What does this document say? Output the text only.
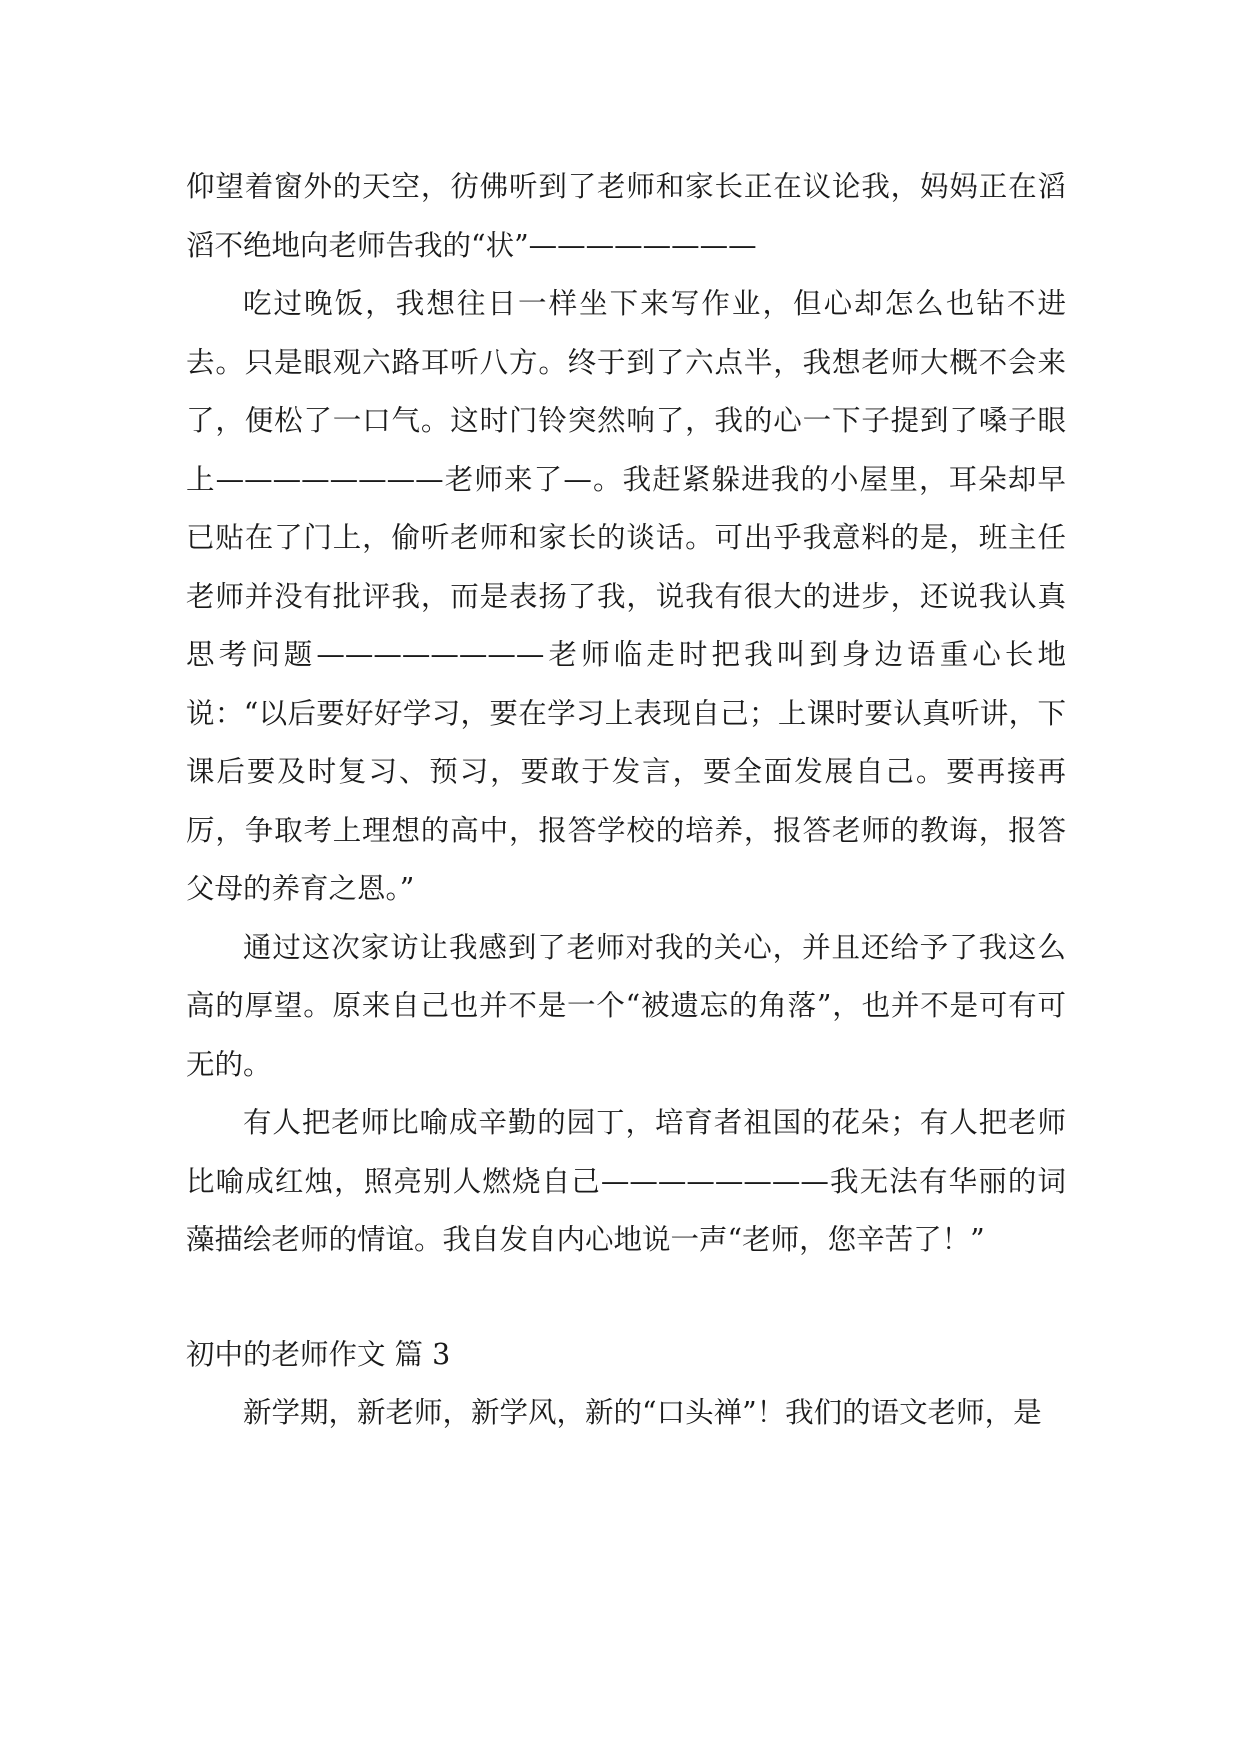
仰望着窗外的天空，彷佛听到了老师和家长正在议论我，妈妈正在滔滔不绝地向老师告我的“状”————————

吃过晚饭，我想往日一样坐下来写作业，但心却怎么也钻不进去。只是眼观六路耳听八方。终于到了六点半，我想老师大概不会来了，便松了一口气。这时门铃突然响了，我的心一下子提到了嗓子眼上————————老师来了—。我赶紧躲进我的小屋里，耳朵却早已贴在了门上，偷听老师和家长的谈话。可出乎我意料的是，班主任老师并没有批评我，而是表扬了我，说我有很大的进步，还说我认真思考问题————————老师临走时把我叫到身边语重心长地说：“以后要好好学习，要在学习上表现自己；上课时要认真听讲，下课后要及时复习、预习，要敢于发言，要全面发展自己。要再接再厉，争取考上理想的高中，报答学校的培养，报答老师的教诲，报答父母的养育之恩。”

通过这次家访让我感到了老师对我的关心，并且还给予了我这么高的厚望。原来自己也并不是一个“被遗忘的角落”，也并不是可有可无的。

有人把老师比喻成辛勤的园丁，培育者祖国的花朵；有人把老师比喻成红烛，照亮别人燃烧自己————————我无法有华丽的词藻描绘老师的情谊。我自发自内心地说一声“老师，您辛苦了！”

初中的老师作文 篇 3

新学期，新老师，新学风，新的“口头禅”！我们的语文老师，是
